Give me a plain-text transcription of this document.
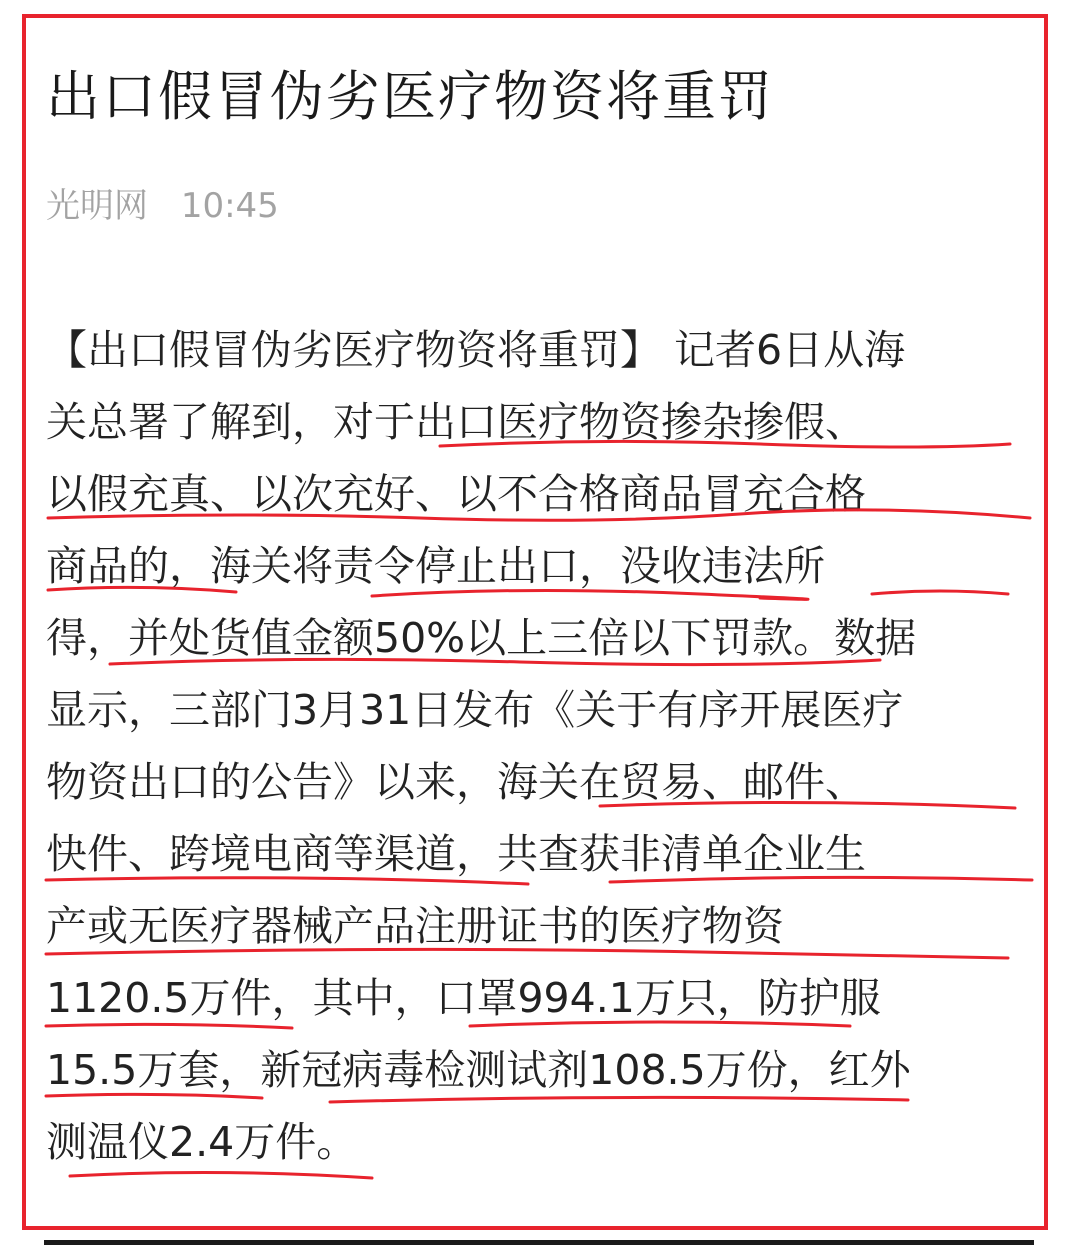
出口假冒伪劣医疗物资将重罚
光明网 10:45
【出口假冒伪劣医疗物资将重罚】 记者6日从海
关总署了解到，对于出口医疗物资掺杂掺假、
以假充真、以次充好、以不合格商品冒充合格
商品的，海关将责令停止出口，没收违法所
得，并处货值金额50%以上三倍以下罚款。数据
显示，三部门3月31日发布《关于有序开展医疗
物资出口的公告》以来，海关在贸易、邮件、
快件、跨境电商等渠道，共查获非清单企业生
产或无医疗器械产品注册证书的医疗物资
1120.5万件，其中，口罩994.1万只，防护服
15.5万套，新冠病毒检测试剂108.5万份，红外
测温仪2.4万件。
